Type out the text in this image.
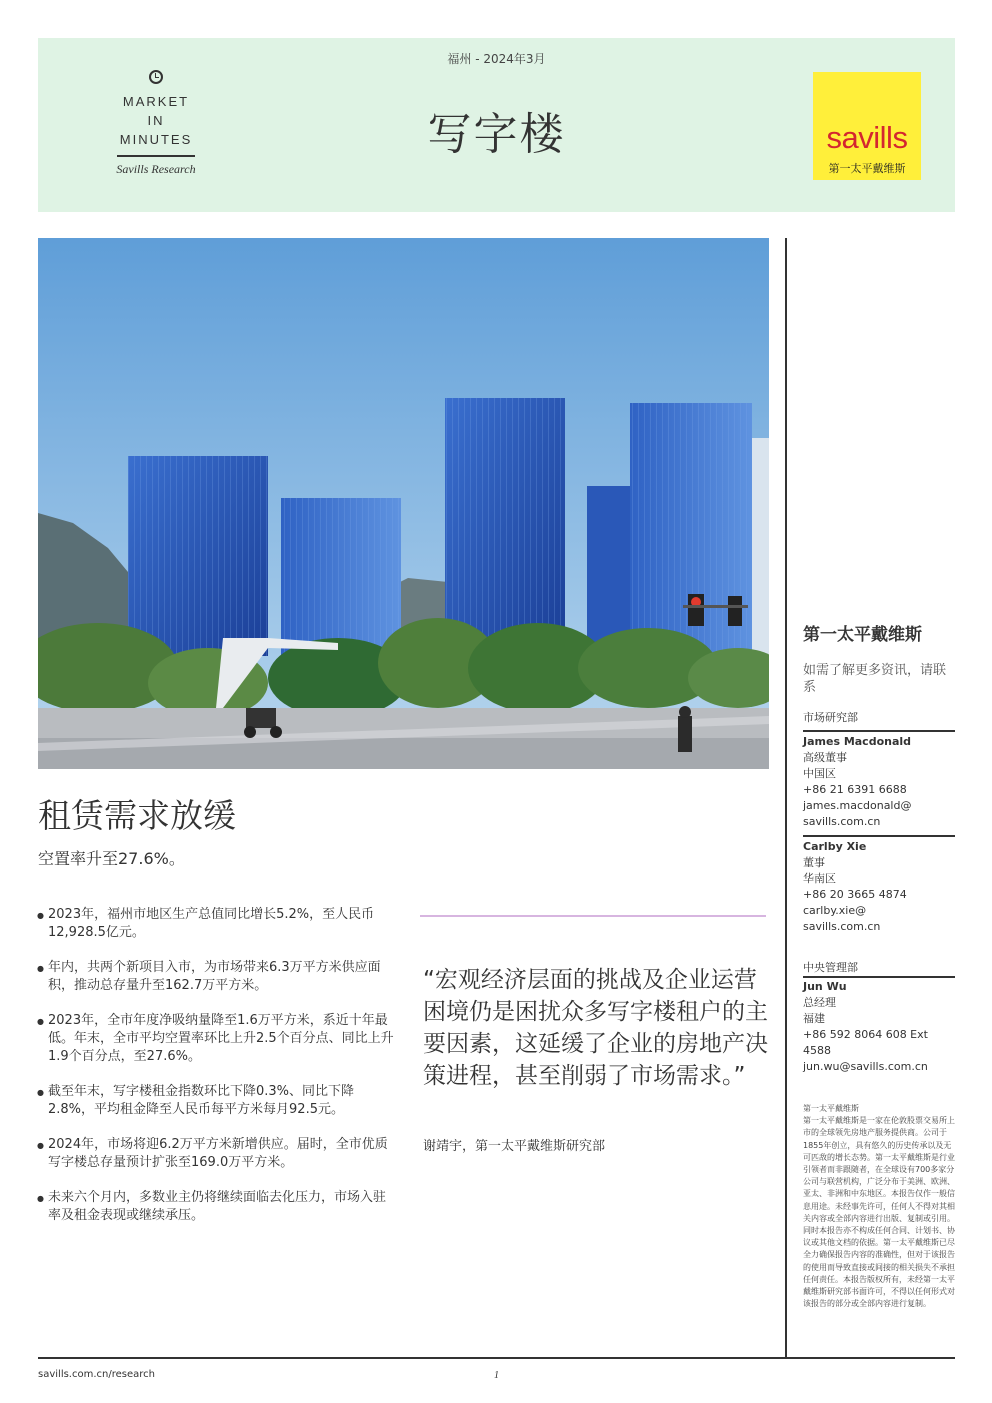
MARKET
IN
MINUTES
Savills Research
福州 - 2024年3月
写字楼	savills
第一太平戴维斯
租赁需求放缓
空置率升至27.6%。
● 2023年，福州市地区生产总值同比增长5.2%，至人民币12,928.5亿元。
● 年内，共两个新项目入市，为市场带来6.3万平方米供应面积，推动总存量升至162.7万平方米。
● 2023年，全市年度净吸纳量降至1.6万平方米，系近十年最低。年末，全市平均空置率环比上升2.5个百分点、同比上升1.9个百分点，至27.6%。
● 截至年末，写字楼租金指数环比下降0.3%、同比下降2.8%，平均租金降至人民币每平方米每月92.5元。
● 2024年，市场将迎6.2万平方米新增供应。届时，全市优质写字楼总存量预计扩张至169.0万平方米。
● 未来六个月内，多数业主仍将继续面临去化压力，市场入驻率及租金表现或继续承压。
“宏观经济层面的挑战及企业运营困境仍是困扰众多写字楼租户的主要因素，这延缓了企业的房地产决策进程，甚至削弱了市场需求。”
谢靖宇，第一太平戴维斯研究部
第一太平戴维斯
如需了解更多资讯，请联系
市场研究部
James Macdonald
高级董事
中国区
+86 21 6391 6688
james.macdonald@
savills.com.cn
Carlby Xie
董事
华南区
+86 20 3665 4874
carlby.xie@
savills.com.cn
中央管理部
Jun Wu
总经理
福建
+86 592 8064 608 Ext
4588
jun.wu@savills.com.cn
第一太平戴维斯
第一太平戴维斯是一家在伦敦股票交易所上市的全球领先房地产服务提供商。公司于1855年创立，具有悠久的历史传承以及无可匹敌的增长态势。第一太平戴维斯是行业引领者而非跟随者，在全球设有700多家分公司与联营机构，广泛分布于美洲、欧洲、亚太、非洲和中东地区。本报告仅作一般信息用途。未经事先许可，任何人不得对其相关内容或全部内容进行出版、复制或引用。同时本报告亦不构成任何合同、计划书、协议或其他文档的依据。第一太平戴维斯已尽全力确保报告内容的准确性，但对于该报告的使用而导致直接或间接的相关损失不承担任何责任。本报告版权所有，未经第一太平戴维斯研究部书面许可，不得以任何形式对该报告的部分或全部内容进行复制。
savills.com.cn/research	1
